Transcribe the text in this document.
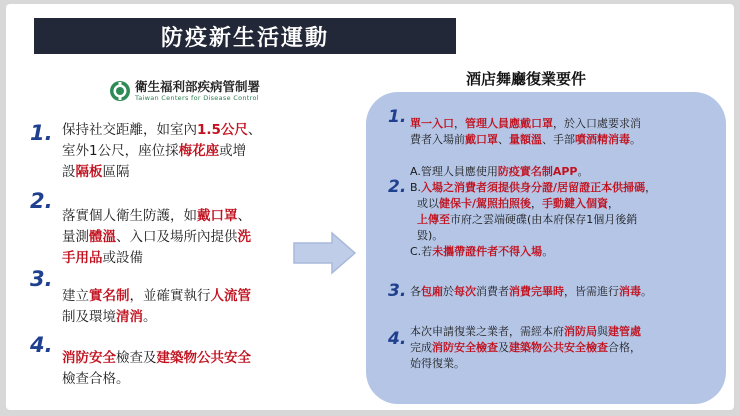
防疫新生活運動
衛生福利部疾病管制署
Taiwan Centers for Disease Control
1. 保持社交距離，如室內1.5公尺、
室外1公尺，座位採梅花座或增
設隔板區隔
2.
落實個人衛生防護，如戴口罩、
量測體溫、入口及場所內提供洗
手用品或設備
3.
建立實名制，並確實執行人流管
制及環境清消。
4.
消防安全檢查及建築物公共安全
檢查合格。
酒店舞廳復業要件
1. 單一入口，管理人員應戴口罩，於入口處要求消
費者入場前戴口罩、量額溫、手部噴酒精消毒。
2.
A.管理人員應使用防疫實名制APP。
B.入場之消費者須提供身分證/居留證正本供掃碼，
或以健保卡/駕照拍照後，手動鍵入個資，
上傳至市府之雲端硬碟(由本府保存1個月後銷
毀)。
C.若未攜帶證件者不得入場。
3. 各包廂於每次消費者消費完畢時，皆需進行消毒。
4. 本次申請復業之業者，需經本府消防局與建管處
完成消防安全檢查及建築物公共安全檢查合格，
始得復業。
